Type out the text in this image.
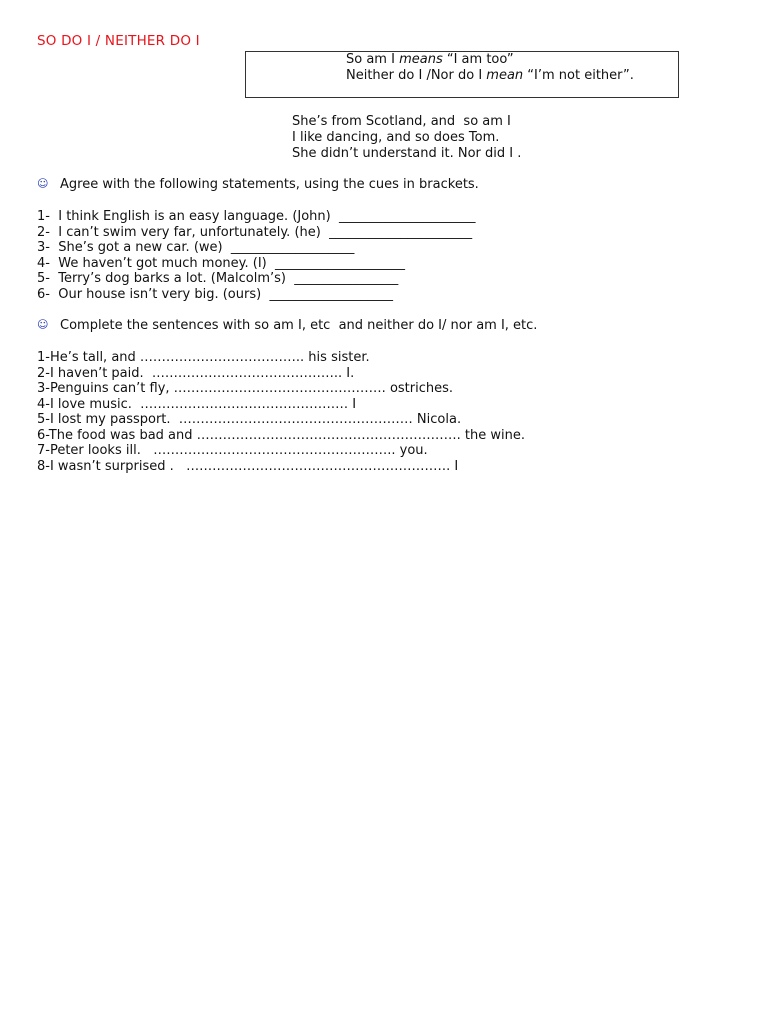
SO DO I / NEITHER DO I
So am I means “I am too”
Neither do I /Nor do I mean “I’m not either”.
She’s from Scotland, and  so am I
I like dancing, and so does Tom.
She didn’t understand it. Nor did I .
☺ Agree with the following statements, using the cues in brackets.
1-  I think English is an easy language. (John)  _____________________
2-  I can’t swim very far, unfortunately. (he)  ______________________
3-  She’s got a new car. (we)  ___________________
4-  We haven’t got much money. (I)  ____________________
5-  Terry’s dog barks a lot. (Malcolm’s)  ________________
6-  Our house isn’t very big. (ours)  ___________________
☺ Complete the sentences with so am I, etc  and neither do I/ nor am I, etc.
1-He’s tall, and ……………………………….. his sister.
2-I haven’t paid.  …………………………………….. I.
3-Penguins can’t fly, …………………………………………. ostriches.
4-I love music.  ………………………………………… I
5-I lost my passport.  ……………………………………………… Nicola.
6-The food was bad and ……………………………………………………. the wine.
7-Peter looks ill.   ……………………………………………….. you.
8-I wasn’t surprised .   ……………………………………………………. I
